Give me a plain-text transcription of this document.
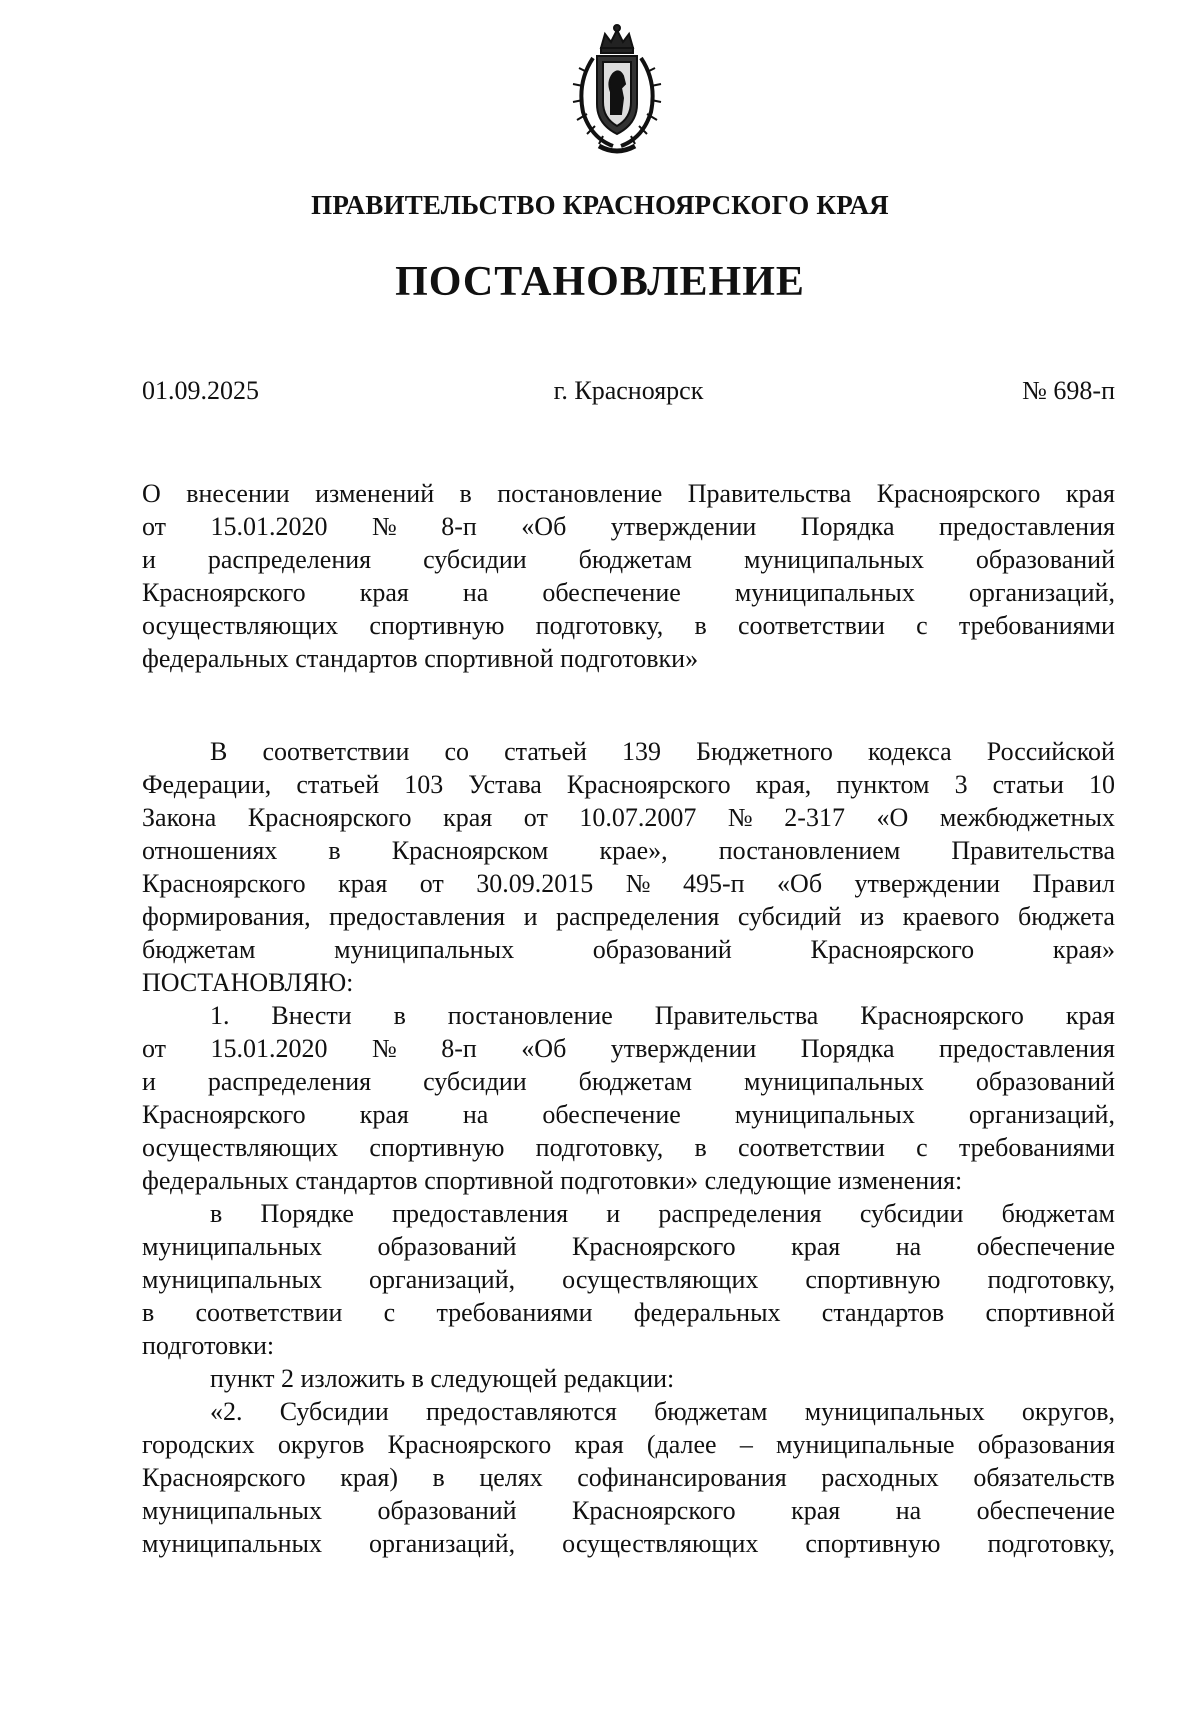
ПРАВИТЕЛЬСТВО КРАСНОЯРСКОГО КРАЯ
ПОСТАНОВЛЕНИЕ
01.09.2025	г. Красноярск	№ 698-п
О внесении изменений в постановление Правительства Красноярского края
от 15.01.2020 № 8-п «Об утверждении Порядка предоставления
и распределения субсидии бюджетам муниципальных образований
Красноярского края на обеспечение муниципальных организаций,
осуществляющих спортивную подготовку, в соответствии с требованиями
федеральных стандартов спортивной подготовки»
В соответствии со статьей 139 Бюджетного кодекса Российской
Федерации, статьей 103 Устава Красноярского края, пунктом 3 статьи 10
Закона Красноярского края от 10.07.2007 № 2-317 «О межбюджетных
отношениях в Красноярском крае», постановлением Правительства
Красноярского края от 30.09.2015 № 495-п «Об утверждении Правил
формирования, предоставления и распределения субсидий из краевого бюджета
бюджетам	муниципальных	образований	Красноярского	края»
ПОСТАНОВЛЯЮ:
1. Внести в постановление Правительства Красноярского края
от 15.01.2020 № 8-п «Об утверждении Порядка предоставления
и распределения субсидии бюджетам муниципальных образований
Красноярского края на обеспечение муниципальных организаций,
осуществляющих спортивную подготовку, в соответствии с требованиями
федеральных стандартов спортивной подготовки» следующие изменения:
в Порядке предоставления и распределения субсидии бюджетам
муниципальных образований Красноярского края на обеспечение
муниципальных организаций, осуществляющих спортивную подготовку,
в соответствии с требованиями федеральных стандартов спортивной
подготовки:
пункт 2 изложить в следующей редакции:
«2. Субсидии предоставляются бюджетам муниципальных округов,
городских округов Красноярского края (далее – муниципальные образования
Красноярского края) в целях софинансирования расходных обязательств
муниципальных образований Красноярского края на обеспечение
муниципальных организаций, осуществляющих спортивную подготовку,
